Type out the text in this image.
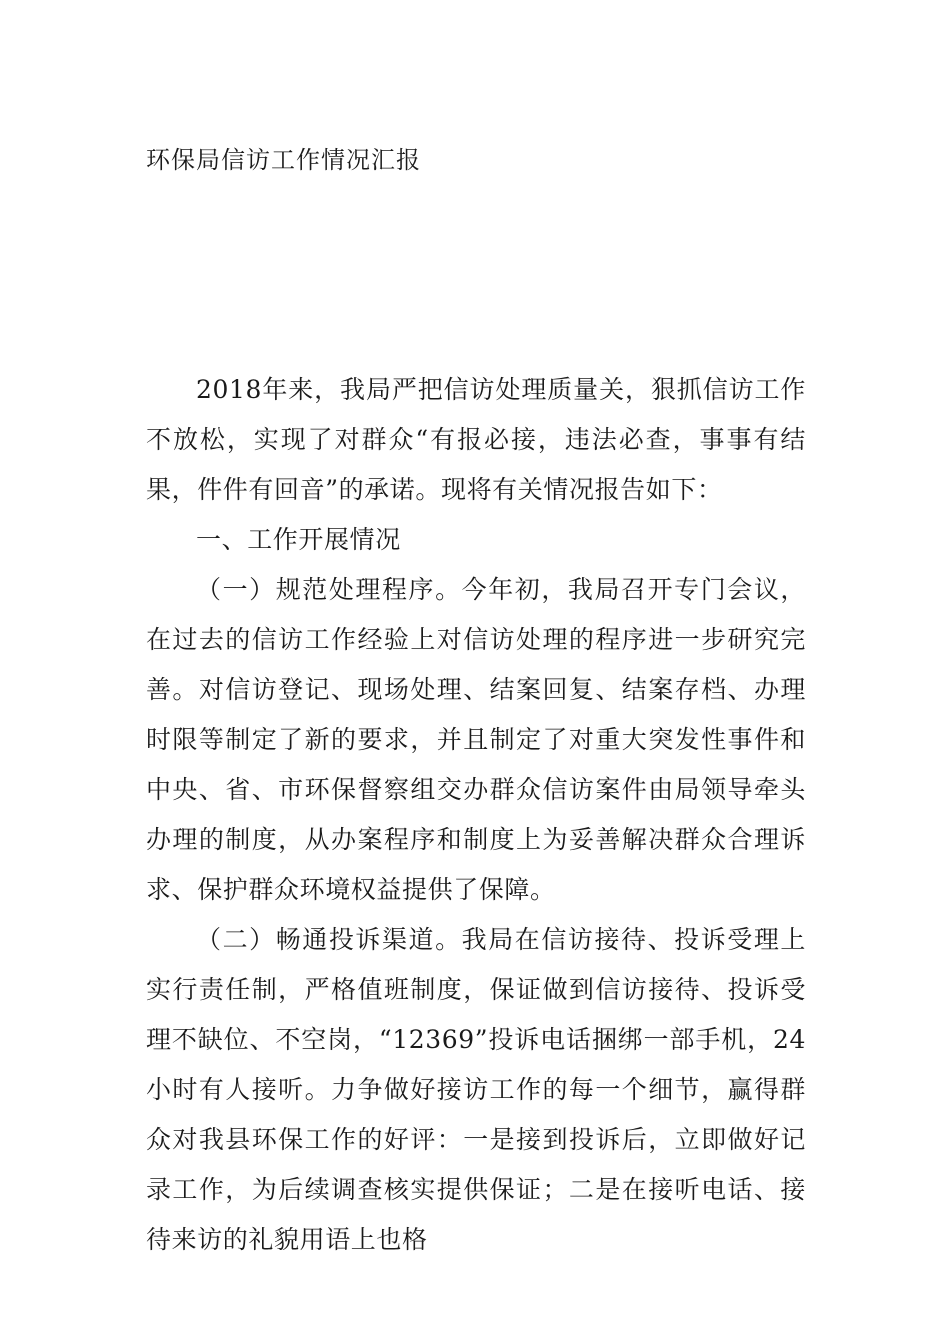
环保局信访工作情况汇报

2018年来，我局严把信访处理质量关，狠抓信访工作不放松，实现了对群众“有报必接，违法必查，事事有结果，件件有回音”的承诺。现将有关情况报告如下：

一、工作开展情况

（一）规范处理程序。今年初，我局召开专门会议，在过去的信访工作经验上对信访处理的程序进一步研究完善。对信访登记、现场处理、结案回复、结案存档、办理时限等制定了新的要求，并且制定了对重大突发性事件和中央、省、市环保督察组交办群众信访案件由局领导牵头办理的制度，从办案程序和制度上为妥善解决群众合理诉求、保护群众环境权益提供了保障。

（二）畅通投诉渠道。我局在信访接待、投诉受理上实行责任制，严格值班制度，保证做到信访接待、投诉受理不缺位、不空岗，“12369”投诉电话捆绑一部手机，24小时有人接听。力争做好接访工作的每一个细节，赢得群众对我县环保工作的好评：一是接到投诉后，立即做好记录工作，为后续调查核实提供保证；二是在接听电话、接待来访的礼貌用语上也格
